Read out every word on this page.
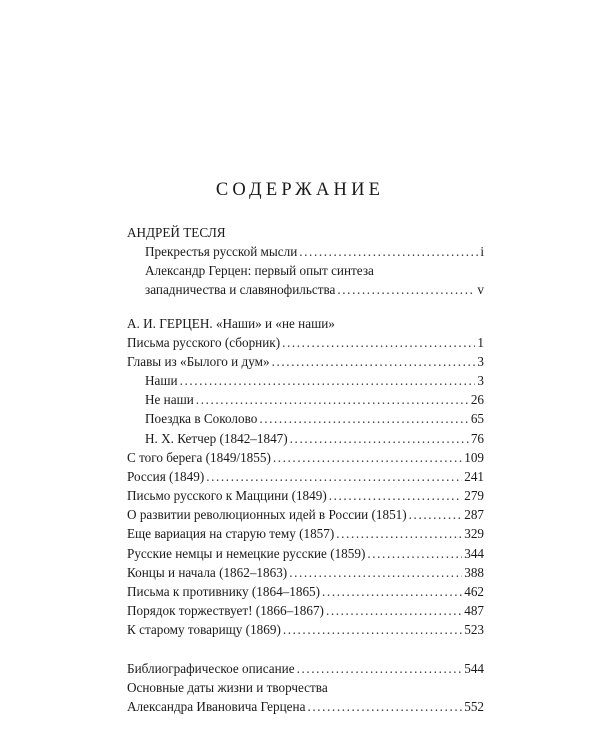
СОДЕРЖАНИЕ
АНДРЕЙ ТЕСЛЯ
Прекрестья русской мысли .....	i
Александр Герцен: первый опыт синтеза
западничества и славянофильства .....	v
А. И. ГЕРЦЕН. «Наши» и «не наши»
Письма русского (сборник) .....	1
Главы из «Былого и дум» .....	3
Наши .....	3
Не наши .....	26
Поездка в Соколово .....	65
Н. Х. Кетчер (1842–1847) .....	76
С того берега (1849/1855) .....	109
Россия (1849) .....	241
Письмо русского к Маццини (1849) .....	279
О развитии революционных идей в России (1851) .....	287
Еще вариация на старую тему (1857) .....	329
Русские немцы и немецкие русские (1859) .....	344
Концы и начала (1862–1863) .....	388
Письма к противнику (1864–1865) .....	462
Порядок торжествует! (1866–1867) .....	487
К старому товарищу (1869) .....	523
Библиографическое описание .....	544
Основные даты жизни и творчества
Александра Ивановича Герцена .....	552
